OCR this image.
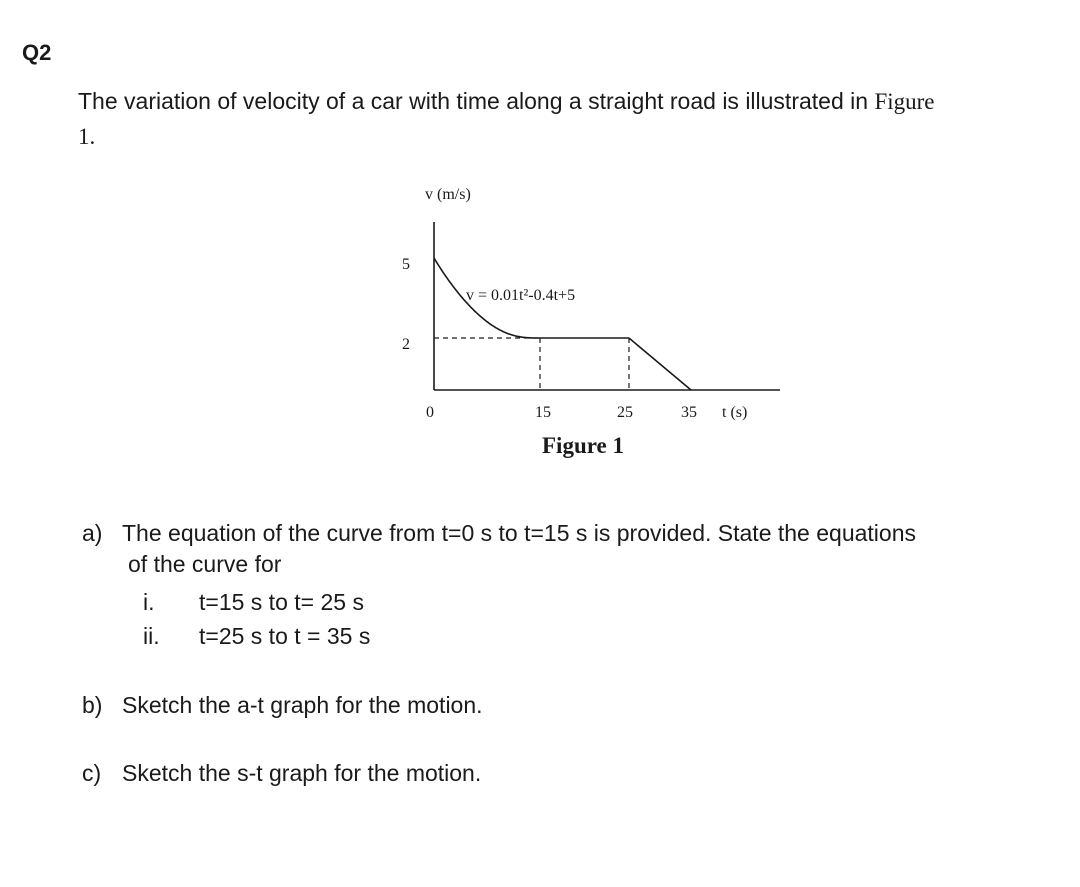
Q2
The variation of velocity of a car with time along a straight road is illustrated in Figure
1.
v (m/s)
t (s)
5
2
0	15	25	35
v = 0.01t²-0.4t+5
Figure 1
a) The equation of the curve from t=0 s to t=15 s is provided. State the equations
of the curve for
i. t=15 s to t= 25 s
ii. t=25 s to t = 35 s
b) Sketch the a-t graph for the motion.
c) Sketch the s-t graph for the motion.
